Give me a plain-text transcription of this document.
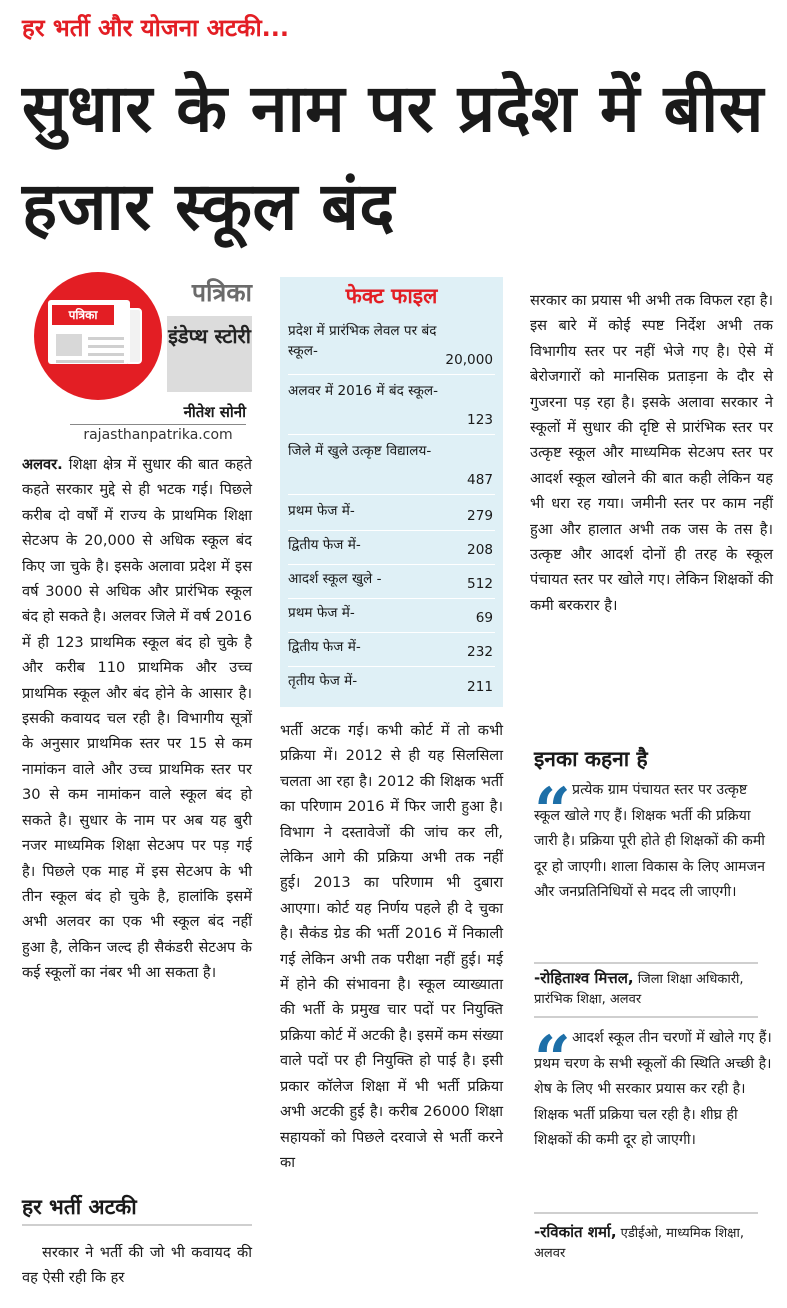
हर भर्ती और योजना अटकी...
सुधार के नाम पर प्रदेश में बीस हजार स्कूल बंद
पत्रिका
पत्रिका
इंडेप्थ स्टोरी
नीतेश सोनी
rajasthanpatrika.com
अलवर. शिक्षा क्षेत्र में सुधार की बात कहते कहते सरकार मुद्दे से ही भटक गई। पिछले करीब दो वर्षों में राज्य के प्राथमिक शिक्षा सेटअप के 20,000 से अधिक स्कूल बंद किए जा चुके है। इसके अलावा प्रदेश में इस वर्ष 3000 से अधिक और प्रारंभिक स्कूल बंद हो सकते है। अलवर जिले में वर्ष 2016 में ही 123 प्राथमिक स्कूल बंद हो चुके है और करीब 110 प्राथमिक और उच्च प्राथमिक स्कूल और बंद होने के आसार है। इसकी कवायद चल रही है। विभागीय सूत्रों के अनुसार प्राथमिक स्तर पर 15 से कम नामांकन वाले और उच्च प्राथमिक स्तर पर 30 से कम नामांकन वाले स्कूल बंद हो सकते है। सुधार के नाम पर अब यह बुरी नजर माध्यमिक शिक्षा सेटअप पर पड़ गई है। पिछले एक माह में इस सेटअप के भी तीन स्कूल बंद हो चुके है, हालांकि इसमें अभी अलवर का एक भी स्कूल बंद नहीं हुआ है, लेकिन जल्द ही सैकंडरी सेटअप के कई स्कूलों का नंबर भी आ सकता है।
हर भर्ती अटकी
सरकार ने भर्ती की जो भी कवायद की वह ऐसी रही कि हर
फेक्ट फाइल
प्रदेश में प्रारंभिक लेवल पर बंद स्कूल-
20,000
अलवर में 2016 में बंद स्कूल-
123
जिले में खुले उत्कृष्ट विद्यालय-
487
प्रथम फेज में-	279
द्वितीय फेज में-	208
आदर्श स्कूल खुले -	512
प्रथम फेज में-	69
द्वितीय फेज में-	232
तृतीय फेज में-	211
भर्ती अटक गई। कभी कोर्ट में तो कभी प्रक्रिया में। 2012 से ही यह सिलसिला चलता आ रहा है। 2012 की शिक्षक भर्ती का परिणाम 2016 में फिर जारी हुआ है। विभाग ने दस्तावेजों की जांच कर ली, लेकिन आगे की प्रक्रिया अभी तक नहीं हुई। 2013 का परिणाम भी दुबारा आएगा। कोर्ट यह निर्णय पहले ही दे चुका है। सैकंड ग्रेड की भर्ती 2016 में निकाली गई लेकिन अभी तक परीक्षा नहीं हुई। मई में होने की संभावना है। स्कूल व्याख्याता की भर्ती के प्रमुख चार पदों पर नियुक्ति प्रक्रिया कोर्ट में अटकी है। इसमें कम संख्या वाले पदों पर ही नियुक्ति हो पाई है। इसी प्रकार कॉलेज शिक्षा में भी भर्ती प्रक्रिया अभी अटकी हुई है। करीब 26000 शिक्षा सहायकों को पिछले दरवाजे से भर्ती करने का
सरकार का प्रयास भी अभी तक विफल रहा है। इस बारे में कोई स्पष्ट निर्देश अभी तक विभागीय स्तर पर नहीं भेजे गए है। ऐसे में बेरोजगारों को मानसिक प्रताड़ना के दौर से गुजरना पड़ रहा है। इसके अलावा सरकार ने स्कूलों में सुधार की दृष्टि से प्रारंभिक स्तर पर उत्कृष्ट स्कूल और माध्यमिक सेटअप स्तर पर आदर्श स्कूल खोलने की बात कही लेकिन यह भी धरा रह गया। जमीनी स्तर पर काम नहीं हुआ और हालात अभी तक जस के तस है। उत्कृष्ट और आदर्श दोनों ही तरह के स्कूल पंचायत स्तर पर खोले गए। लेकिन शिक्षकों की कमी बरकरार है।
इनका कहना है
“ प्रत्येक ग्राम पंचायत स्तर पर उत्कृष्ट स्कूल खोले गए हैं। शिक्षक भर्ती की प्रक्रिया जारी है। प्रक्रिया पूरी होते ही शिक्षकों की कमी दूर हो जाएगी। शाला विकास के लिए आमजन और जनप्रतिनिधियों से मदद ली जाएगी।
-रोहिताश्व मित्तल, जिला शिक्षा अधिकारी, प्रारंभिक शिक्षा, अलवर
“ आदर्श स्कूल तीन चरणों में खोले गए हैं। प्रथम चरण के सभी स्कूलों की स्थिति अच्छी है। शेष के लिए भी सरकार प्रयास कर रही है। शिक्षक भर्ती प्रक्रिया चल रही है। शीघ्र ही शिक्षकों की कमी दूर हो जाएगी।
-रविकांत शर्मा, एडीईओ, माध्यमिक शिक्षा, अलवर
